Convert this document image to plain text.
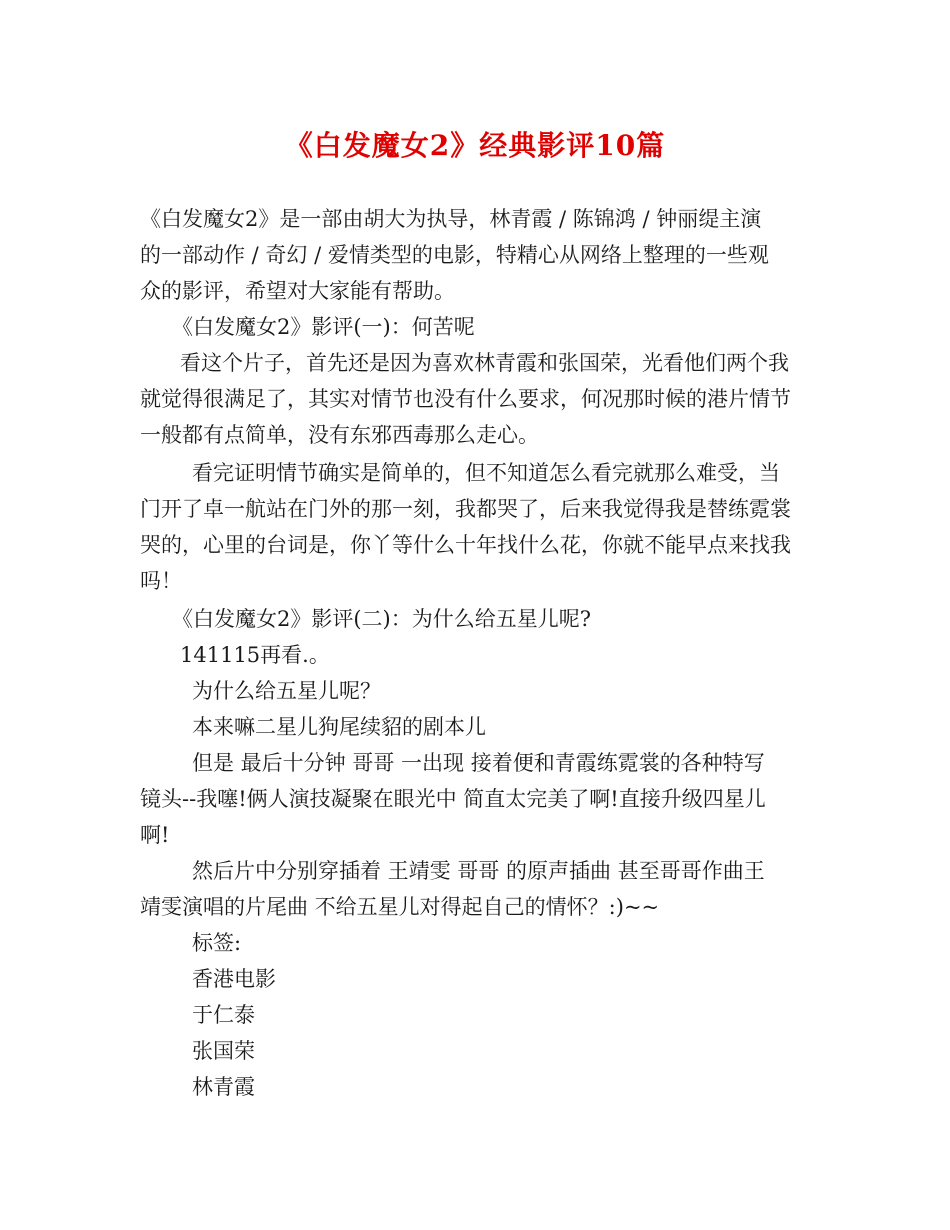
《白发魔女2》经典影评10篇
《白发魔女2》是一部由胡大为执导，林青霞 / 陈锦鸿 / 钟丽缇主演
的一部动作 / 奇幻 / 爱情类型的电影，特精心从网络上整理的一些观
众的影评，希望对大家能有帮助。
《白发魔女2》影评(一)：何苦呢
看这个片子，首先还是因为喜欢林青霞和张国荣，光看他们两个我
就觉得很满足了，其实对情节也没有什么要求，何况那时候的港片情节
一般都有点简单，没有东邪西毒那么走心。
看完证明情节确实是简单的，但不知道怎么看完就那么难受，当
门开了卓一航站在门外的那一刻，我都哭了，后来我觉得我是替练霓裳
哭的，心里的台词是，你丫等什么十年找什么花，你就不能早点来找我
吗！
《白发魔女2》影评(二)：为什么给五星儿呢?
141115再看.。
为什么给五星儿呢？
本来嘛二星儿狗尾续貂的剧本儿
但是 最后十分钟 哥哥 一出现 接着便和青霞练霓裳的各种特写
镜头--我噻!俩人演技凝聚在眼光中 简直太完美了啊!直接升级四星儿
啊!
然后片中分别穿插着 王靖雯 哥哥 的原声插曲 甚至哥哥作曲王
靖雯演唱的片尾曲 不给五星儿对得起自己的情怀？:)~~
标签:
香港电影
于仁泰
张国荣
林青霞
